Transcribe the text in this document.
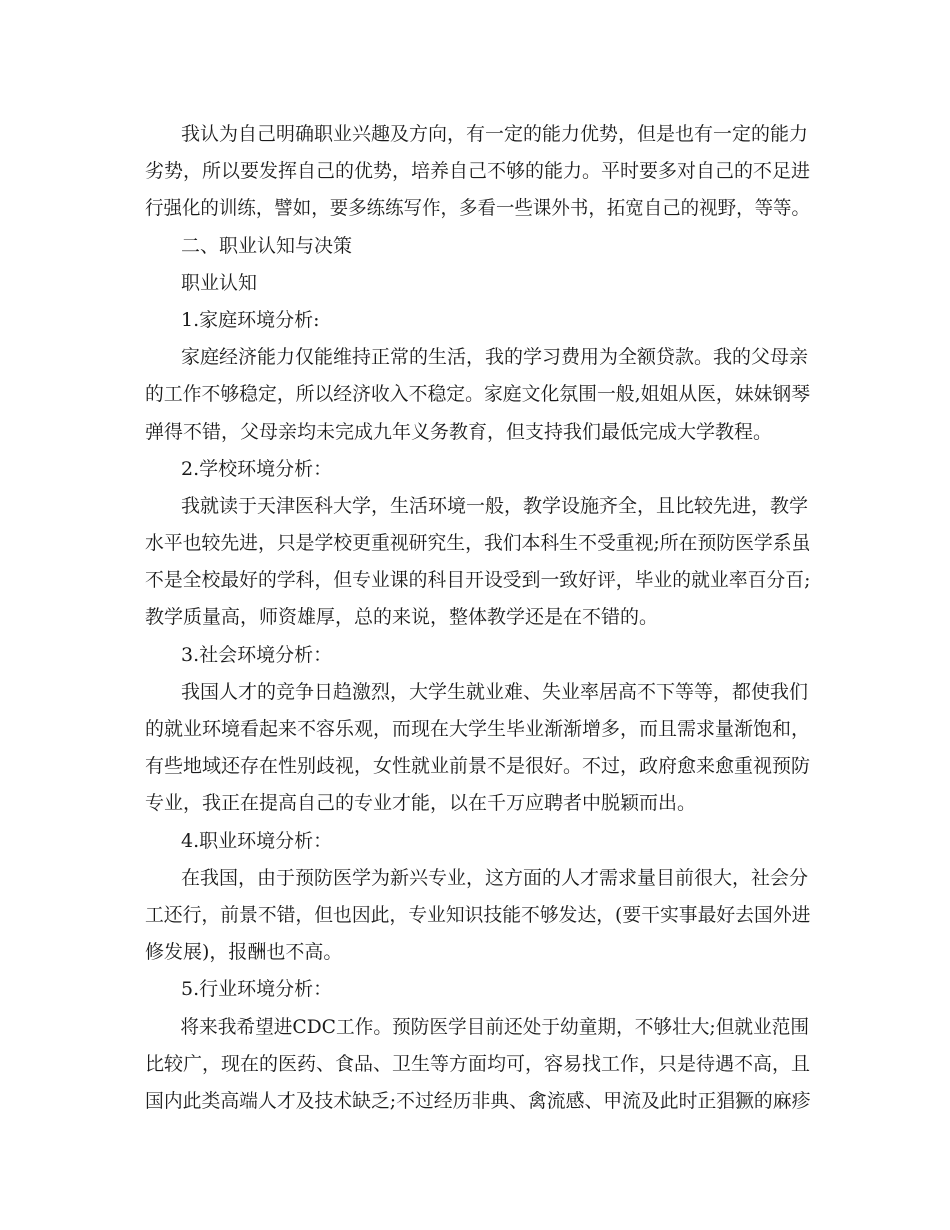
我认为自己明确职业兴趣及方向，有一定的能力优势，但是也有一定的能力
劣势，所以要发挥自己的优势，培养自己不够的能力。平时要多对自己的不足进
行强化的训练，譬如，要多练练写作，多看一些课外书，拓宽自己的视野，等等。
二、职业认知与决策
职业认知
1.家庭环境分析:
家庭经济能力仅能维持正常的生活，我的学习费用为全额贷款。我的父母亲
的工作不够稳定，所以经济收入不稳定。家庭文化氛围一般,姐姐从医，妹妹钢琴
弹得不错，父母亲均未完成九年义务教育，但支持我们最低完成大学教程。
2.学校环境分析：
我就读于天津医科大学，生活环境一般，教学设施齐全，且比较先进，教学
水平也较先进，只是学校更重视研究生，我们本科生不受重视;所在预防医学系虽
不是全校最好的学科，但专业课的科目开设受到一致好评，毕业的就业率百分百;
教学质量高，师资雄厚，总的来说，整体教学还是在不错的。
3.社会环境分析：
我国人才的竞争日趋激烈，大学生就业难、失业率居高不下等等，都使我们
的就业环境看起来不容乐观，而现在大学生毕业渐渐增多，而且需求量渐饱和，
有些地域还存在性别歧视，女性就业前景不是很好。不过，政府愈来愈重视预防
专业，我正在提高自己的专业才能，以在千万应聘者中脱颖而出。
4.职业环境分析：
在我国，由于预防医学为新兴专业，这方面的人才需求量目前很大，社会分
工还行，前景不错，但也因此，专业知识技能不够发达，(要干实事最好去国外进
修发展)，报酬也不高。
5.行业环境分析：
将来我希望进CDC工作。预防医学目前还处于幼童期，不够壮大;但就业范围
比较广，现在的医药、食品、卫生等方面均可，容易找工作，只是待遇不高，且
国内此类高端人才及技术缺乏;不过经历非典、禽流感、甲流及此时正猖獗的麻疹
